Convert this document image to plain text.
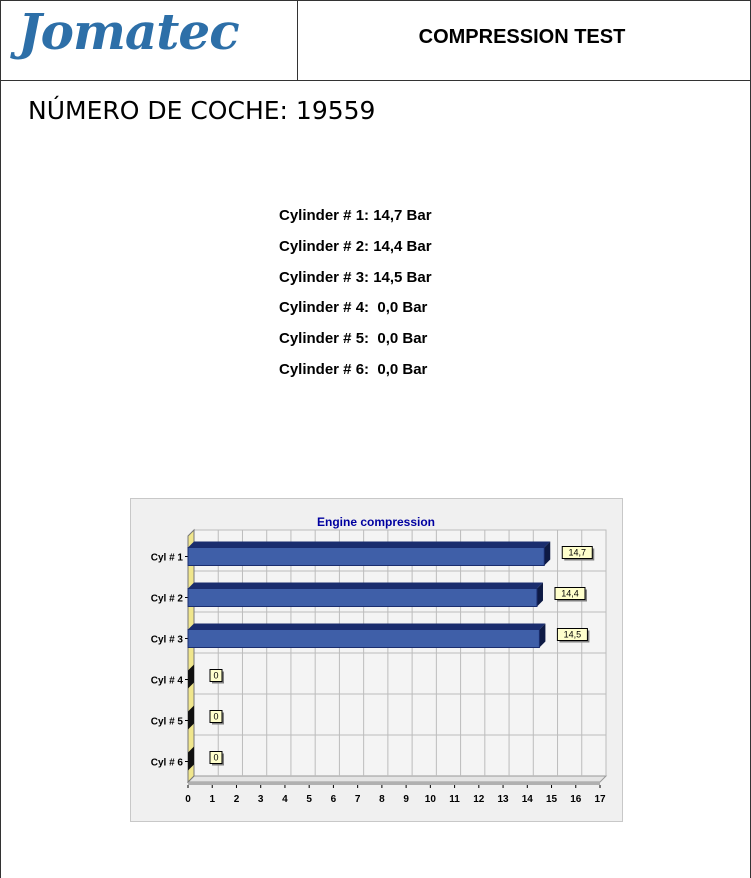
Jomatec	COMPRESSION TEST
NÚMERO DE COCHE: 19559
Cylinder # 1: 14,7 Bar
Cylinder # 2: 14,4 Bar
Cylinder # 3: 14,5 Bar
Cylinder # 4:  0,0 Bar
Cylinder # 5:  0,0 Bar
Cylinder # 6:  0,0 Bar
Engine compression
Cyl # 1	14,7
Cyl # 2	14,4
Cyl # 3	14,5
Cyl # 4	0
Cyl # 5	0
Cyl # 6	0
0 1 2 3 4 5 6 7 8 9 10 11 12 13 14 15 16 17
